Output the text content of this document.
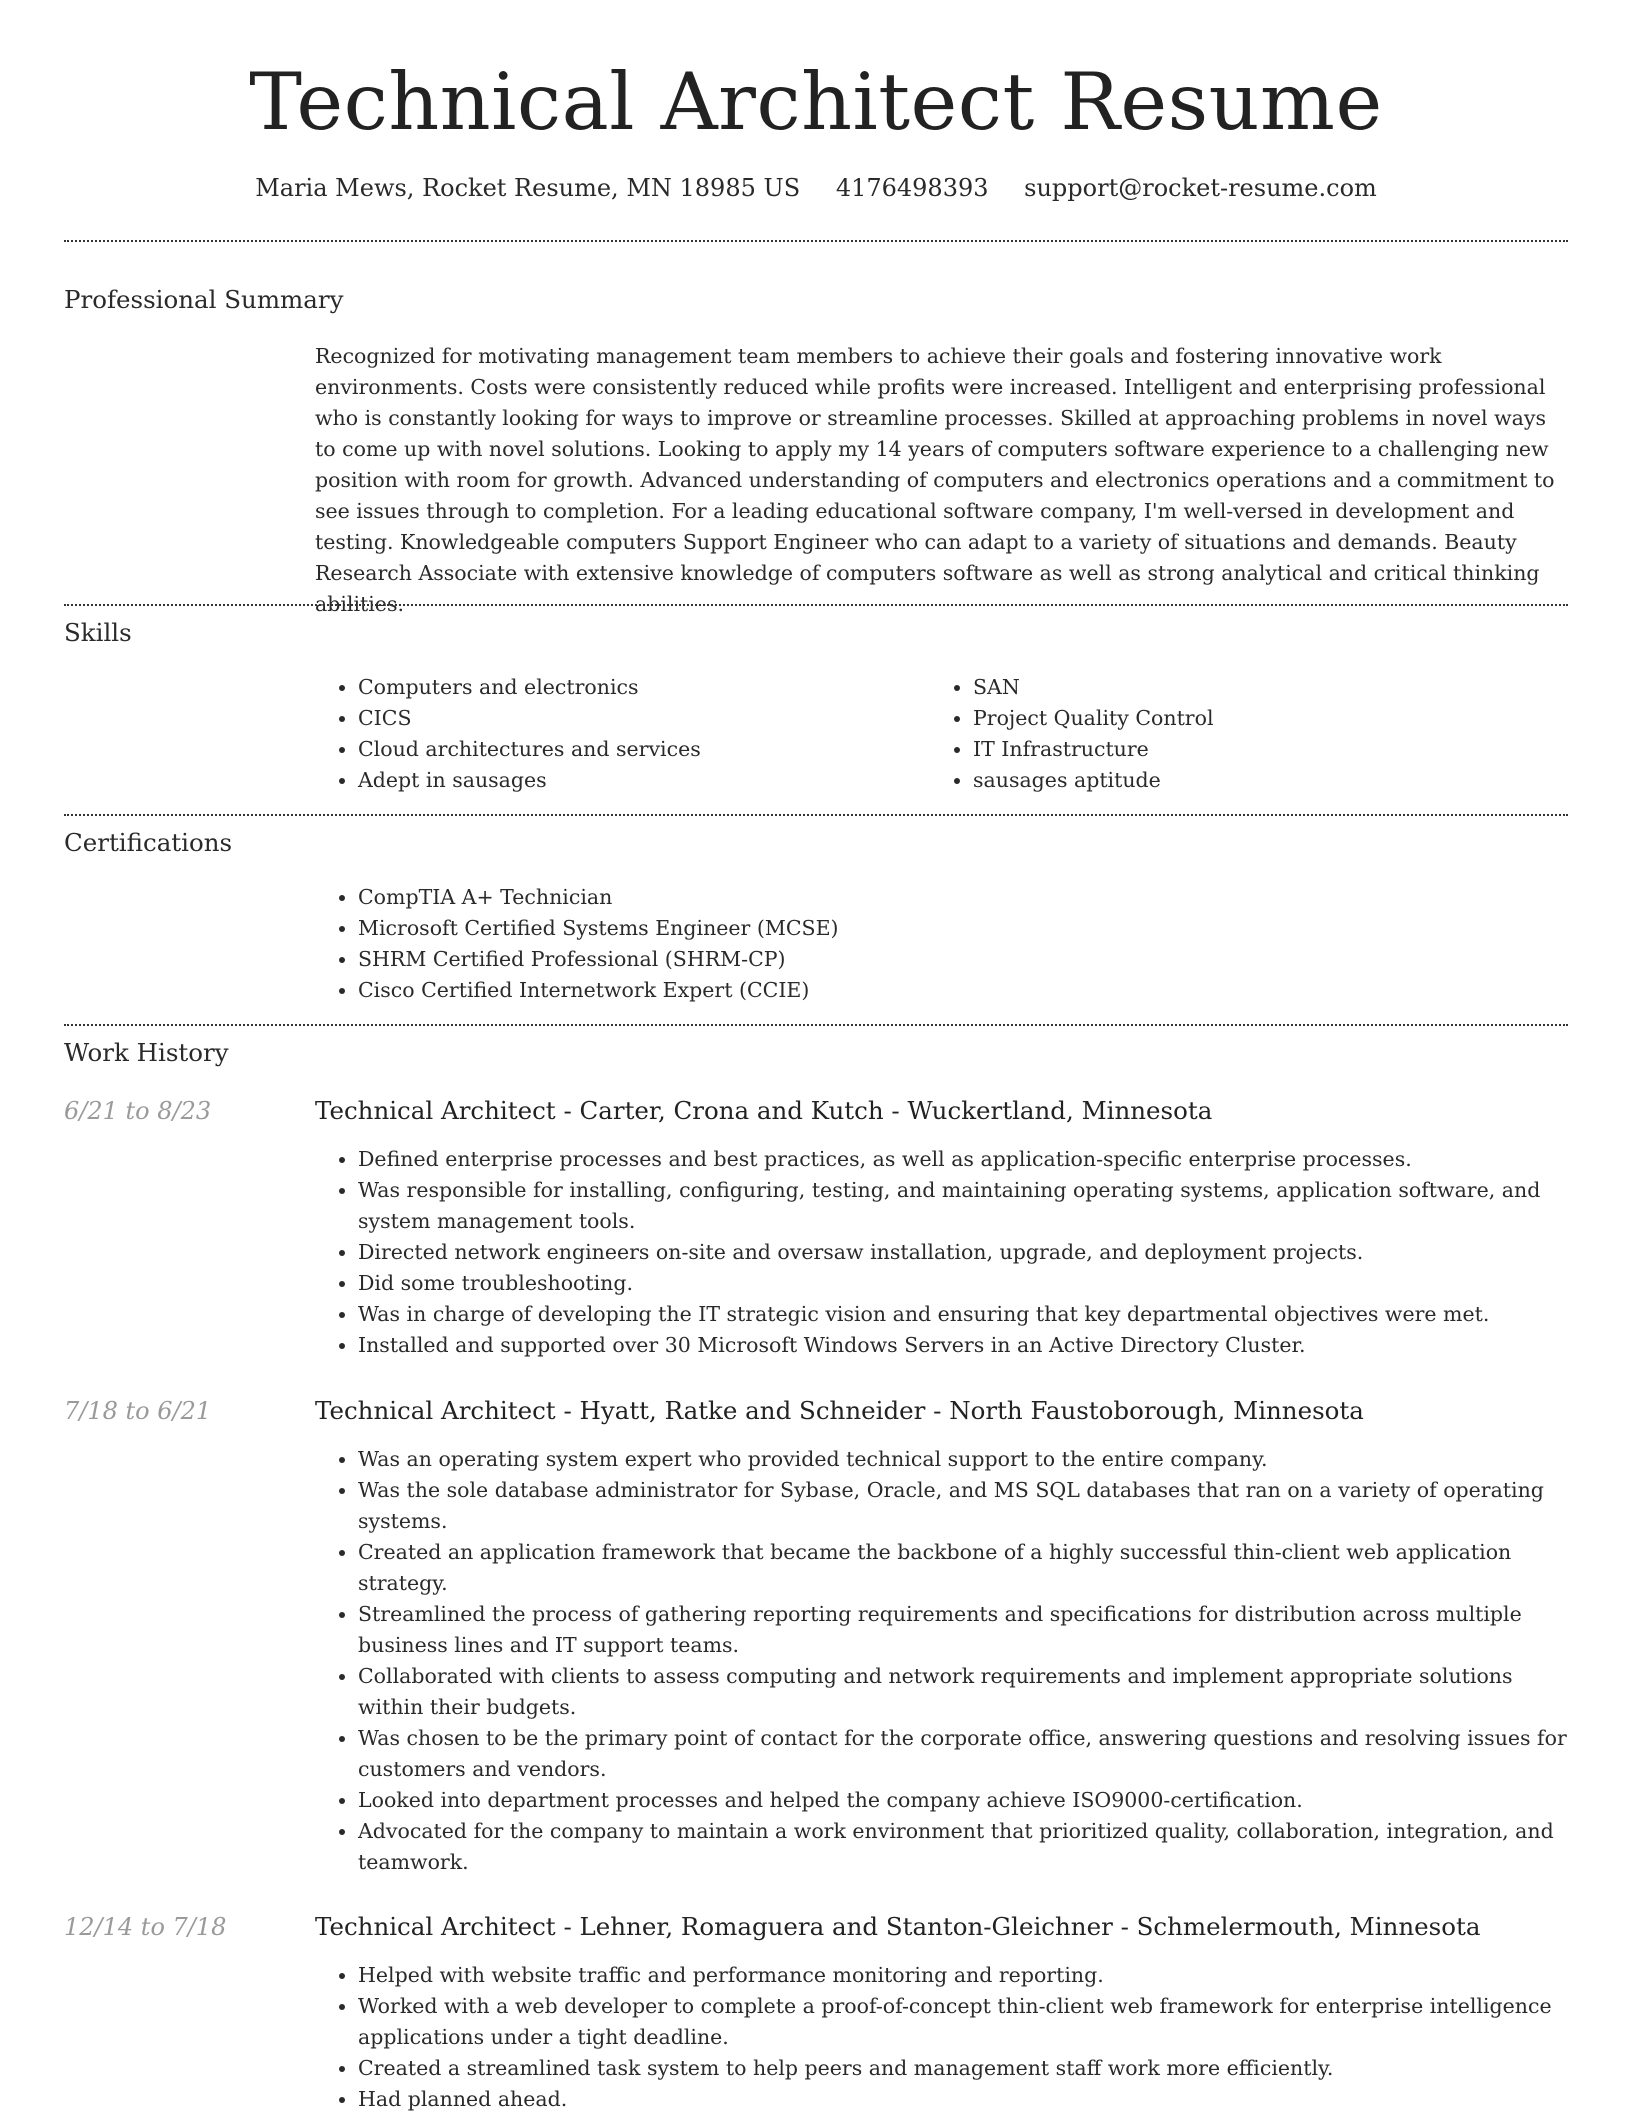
Technical Architect Resume
Maria Mews, Rocket Resume, MN 18985 US 4176498393 support@rocket-resume.com
Professional Summary

Recognized for motivating management team members to achieve their goals and fostering innovative work environments. Costs were consistently reduced while profits were increased. Intelligent and enterprising professional who is constantly looking for ways to improve or streamline processes. Skilled at approaching problems in novel ways to come up with novel solutions. Looking to apply my 14 years of computers software experience to a challenging new position with room for growth. Advanced understanding of computers and electronics operations and a commitment to see issues through to completion. For a leading educational software company, I'm well-versed in development and testing. Knowledgeable computers Support Engineer who can adapt to a variety of situations and demands. Beauty Research Associate with extensive knowledge of computers software as well as strong analytical and critical thinking abilities.

Skills
• Computers and electronics
• CICS
• Cloud architectures and services
• Adept in sausages
• SAN
• Project Quality Control
• IT Infrastructure
• sausages aptitude
Certifications
• CompTIA A+ Technician
• Microsoft Certified Systems Engineer (MCSE)
• SHRM Certified Professional (SHRM-CP)
• Cisco Certified Internetwork Expert (CCIE)
Work History
6/21 to 8/23	Technical Architect - Carter, Crona and Kutch - Wuckertland, Minnesota
• Defined enterprise processes and best practices, as well as application-specific enterprise processes.
• Was responsible for installing, configuring, testing, and maintaining operating systems, application software, and system management tools.
• Directed network engineers on-site and oversaw installation, upgrade, and deployment projects.
• Did some troubleshooting.
• Was in charge of developing the IT strategic vision and ensuring that key departmental objectives were met.
• Installed and supported over 30 Microsoft Windows Servers in an Active Directory Cluster.
7/18 to 6/21	Technical Architect - Hyatt, Ratke and Schneider - North Faustoborough, Minnesota
• Was an operating system expert who provided technical support to the entire company.
• Was the sole database administrator for Sybase, Oracle, and MS SQL databases that ran on a variety of operating systems.
• Created an application framework that became the backbone of a highly successful thin-client web application strategy.
• Streamlined the process of gathering reporting requirements and specifications for distribution across multiple business lines and IT support teams.
• Collaborated with clients to assess computing and network requirements and implement appropriate solutions within their budgets.
• Was chosen to be the primary point of contact for the corporate office, answering questions and resolving issues for customers and vendors.
• Looked into department processes and helped the company achieve ISO9000-certification.
• Advocated for the company to maintain a work environment that prioritized quality, collaboration, integration, and teamwork.
12/14 to 7/18	Technical Architect - Lehner, Romaguera and Stanton-Gleichner - Schmelermouth, Minnesota
• Helped with website traffic and performance monitoring and reporting.
• Worked with a web developer to complete a proof-of-concept thin-client web framework for enterprise intelligence applications under a tight deadline.
• Created a streamlined task system to help peers and management staff work more efficiently.
• Had planned ahead.
